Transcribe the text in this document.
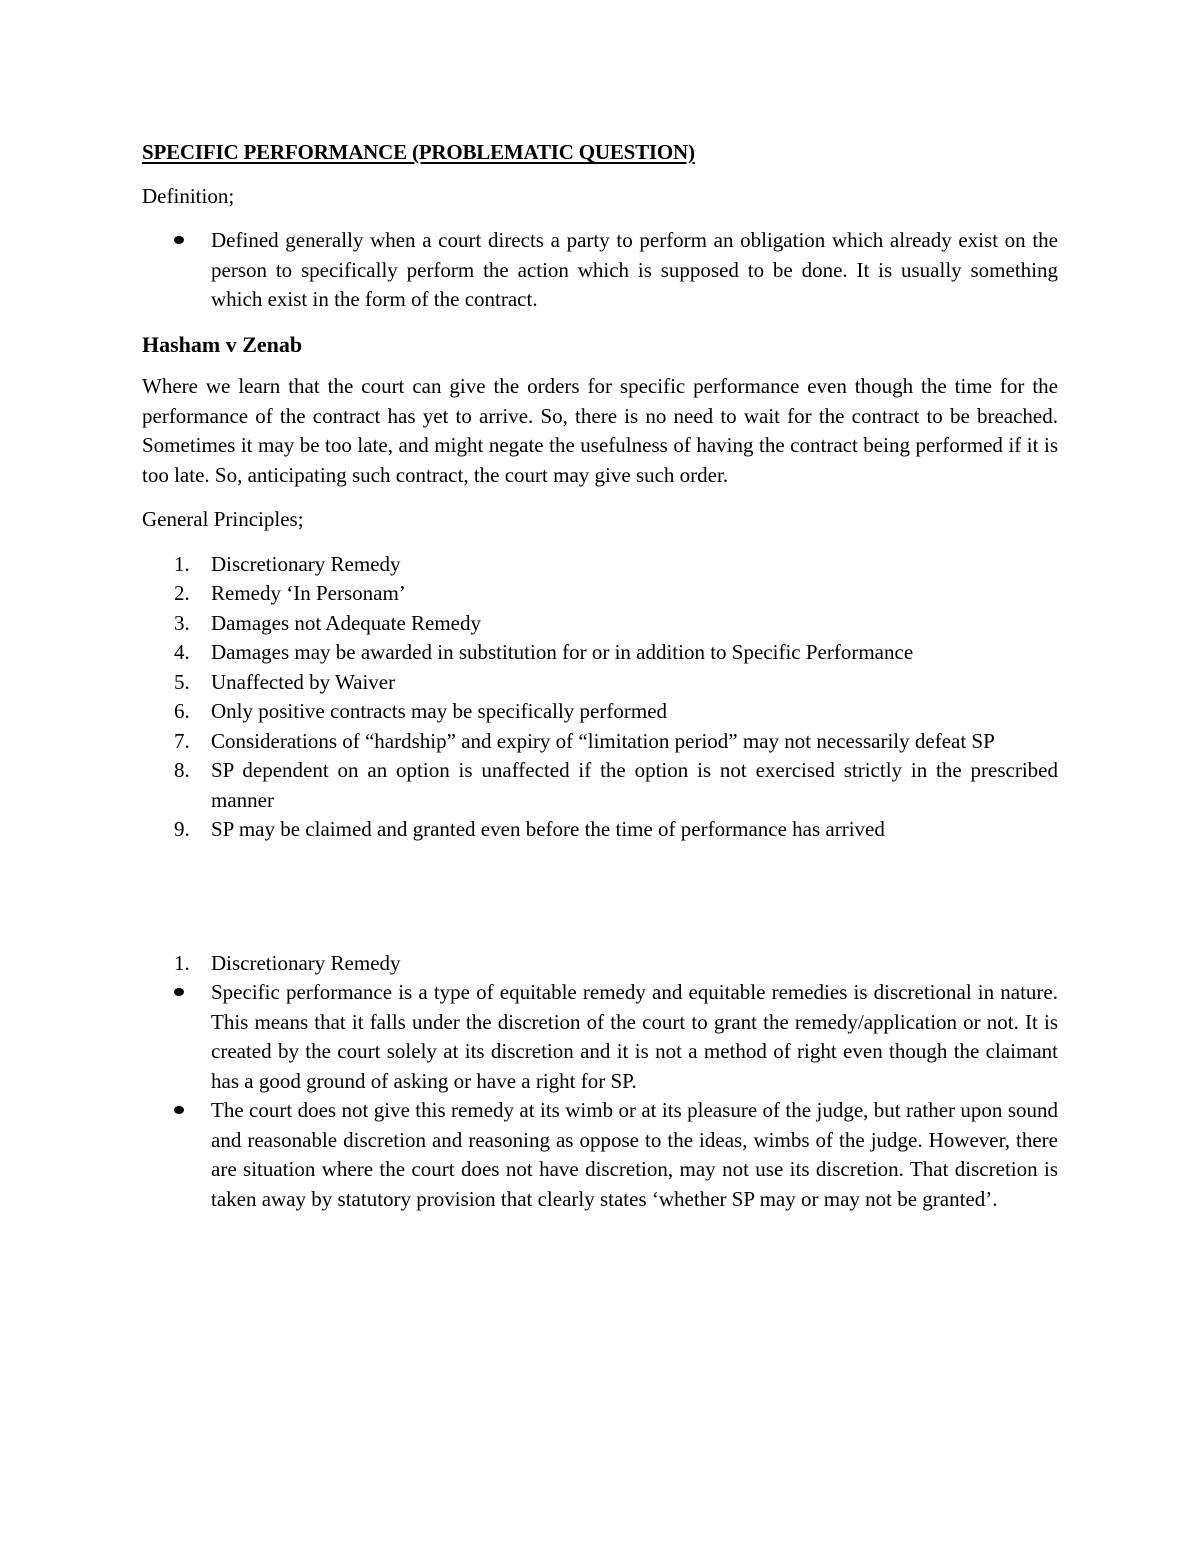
SPECIFIC PERFORMANCE (PROBLEMATIC QUESTION)

Definition;

Defined generally when a court directs a party to perform an obligation which already exist on the person to specifically perform the action which is supposed to be done. It is usually something which exist in the form of the contract.
Hasham v Zenab

Where we learn that the court can give the orders for specific performance even though the time for the performance of the contract has yet to arrive. So, there is no need to wait for the contract to be breached. Sometimes it may be too late, and might negate the usefulness of having the contract being performed if it is too late. So, anticipating such contract, the court may give such order.

General Principles;

1. Discretionary Remedy
2. Remedy ‘In Personam’
3. Damages not Adequate Remedy
4. Damages may be awarded in substitution for or in addition to Specific Performance
5. Unaffected by Waiver
6. Only positive contracts may be specifically performed
7. Considerations of “hardship” and expiry of “limitation period” may not necessarily defeat SP
8. SP dependent on an option is unaffected if the option is not exercised strictly in the prescribed manner
9. SP may be claimed and granted even before the time of performance has arrived
1. Discretionary Remedy
Specific performance is a type of equitable remedy and equitable remedies is discretional in nature. This means that it falls under the discretion of the court to grant the remedy/application or not. It is created by the court solely at its discretion and it is not a method of right even though the claimant has a good ground of asking or have a right for SP.
The court does not give this remedy at its wimb or at its pleasure of the judge, but rather upon sound and reasonable discretion and reasoning as oppose to the ideas, wimbs of the judge. However, there are situation where the court does not have discretion, may not use its discretion. That discretion is taken away by statutory provision that clearly states ‘whether SP may or may not be granted’.
